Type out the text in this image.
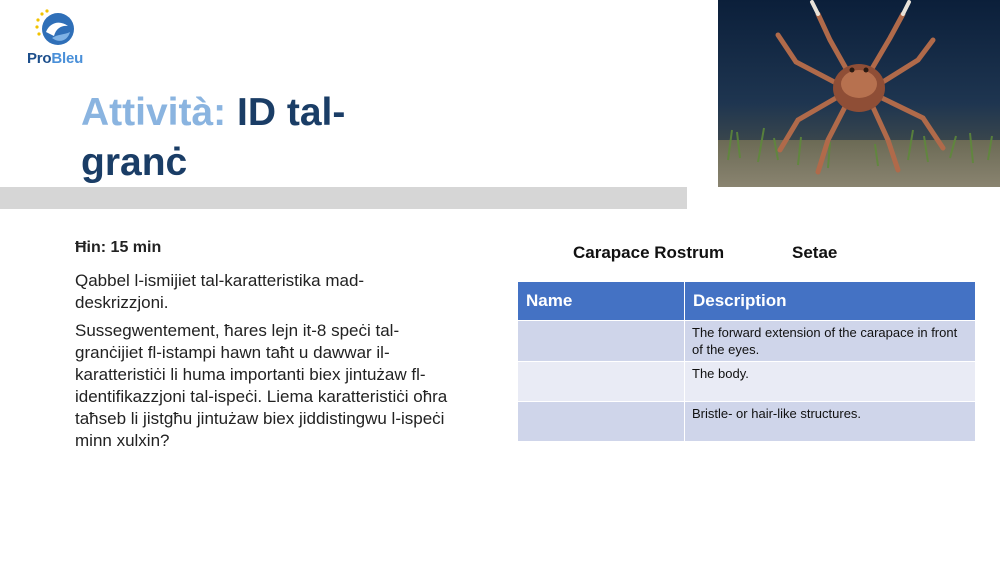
ProBleu
Attività: ID tal-granċ
Ħin: 15 min

Qabbel l-ismijiet tal-karatteristika mad-deskrizzjoni.

Sussegwentement, ħares lejn it-8 speċi tal-granċijiet fl-istampi hawn taħt u dawwar il-karatteristiċi li huma importanti biex jintużaw fl-identifikazzjoni tal-ispeċi. Liema karatteristiċi oħra taħseb li jistgħu jintużaw biex jiddistingwu l-ispeċi minn xulxin?

Carapace Rostrum	Setae
Name	Description
	The forward extension of the carapace in front of the eyes.
	The body.
	Bristle- or hair-like structures.
